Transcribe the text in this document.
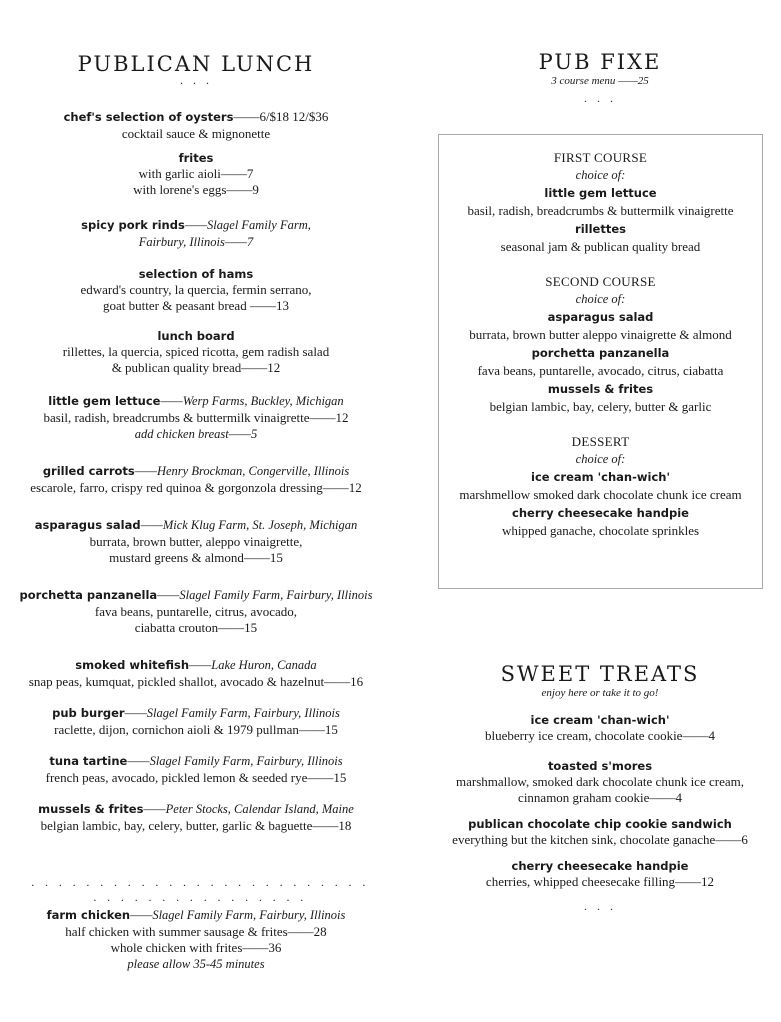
PUBLICAN LUNCH
· · ·
chef's selection of oysters——6/$18 12/$36
cocktail sauce & mignonette
frites
with garlic aioli——7
with lorene's eggs——9
spicy pork rinds——Slagel Family Farm,
Fairbury, Illinois——7
selection of hams
edward's country, la quercia, fermin serrano,
goat butter & peasant bread ——13
lunch board
rillettes, la quercia, spiced ricotta, gem radish salad
& publican quality bread——12
little gem lettuce——Werp Farms, Buckley, Michigan
basil, radish, breadcrumbs & buttermilk vinaigrette——12
add chicken breast——5
grilled carrots——Henry Brockman, Congerville, Illinois
escarole, farro, crispy red quinoa & gorgonzola dressing——12
asparagus salad——Mick Klug Farm, St. Joseph, Michigan
burrata, brown butter, aleppo vinaigrette,
mustard greens & almond——15
porchetta panzanella——Slagel Family Farm, Fairbury, Illinois
fava beans, puntarelle, citrus, avocado,
ciabatta crouton——15
smoked whitefish——Lake Huron, Canada
snap peas, kumquat, pickled shallot, avocado & hazelnut——16
pub burger——Slagel Family Farm, Fairbury, Illinois
raclette, dijon, cornichon aioli & 1979 pullman——15
tuna tartine——Slagel Family Farm, Fairbury, Illinois
french peas, avocado, pickled lemon & seeded rye——15
mussels & frites——Peter Stocks, Calendar Island, Maine
belgian lambic, bay, celery, butter, garlic & baguette——18
· · · · · · · · · · · · · · · · · · · · · · · · · · · · · · · · · · · · · · · · ·
farm chicken——Slagel Family Farm, Fairbury, Illinois
half chicken with summer sausage & frites——28
whole chicken with frites——36
please allow 35-45 minutes
PUB FIXE
3 course menu ——25
· · ·
FIRST COURSE
choice of:
little gem lettuce
basil, radish, breadcrumbs & buttermilk vinaigrette
rillettes
seasonal jam & publican quality bread
SECOND COURSE
choice of:
asparagus salad
burrata, brown butter aleppo vinaigrette & almond
porchetta panzanella
fava beans, puntarelle, avocado, citrus, ciabatta
mussels & frites
belgian lambic, bay, celery, butter & garlic
DESSERT
choice of:
ice cream 'chan-wich'
marshmellow smoked dark chocolate chunk ice cream
cherry cheesecake handpie
whipped ganache, chocolate sprinkles
SWEET TREATS
enjoy here or take it to go!
ice cream 'chan-wich'
blueberry ice cream, chocolate cookie——4
toasted s'mores
marshmallow, smoked dark chocolate chunk ice cream,
cinnamon graham cookie——4
publican chocolate chip cookie sandwich
everything but the kitchen sink, chocolate ganache——6
cherry cheesecake handpie
cherries, whipped cheesecake filling——12
· · ·
